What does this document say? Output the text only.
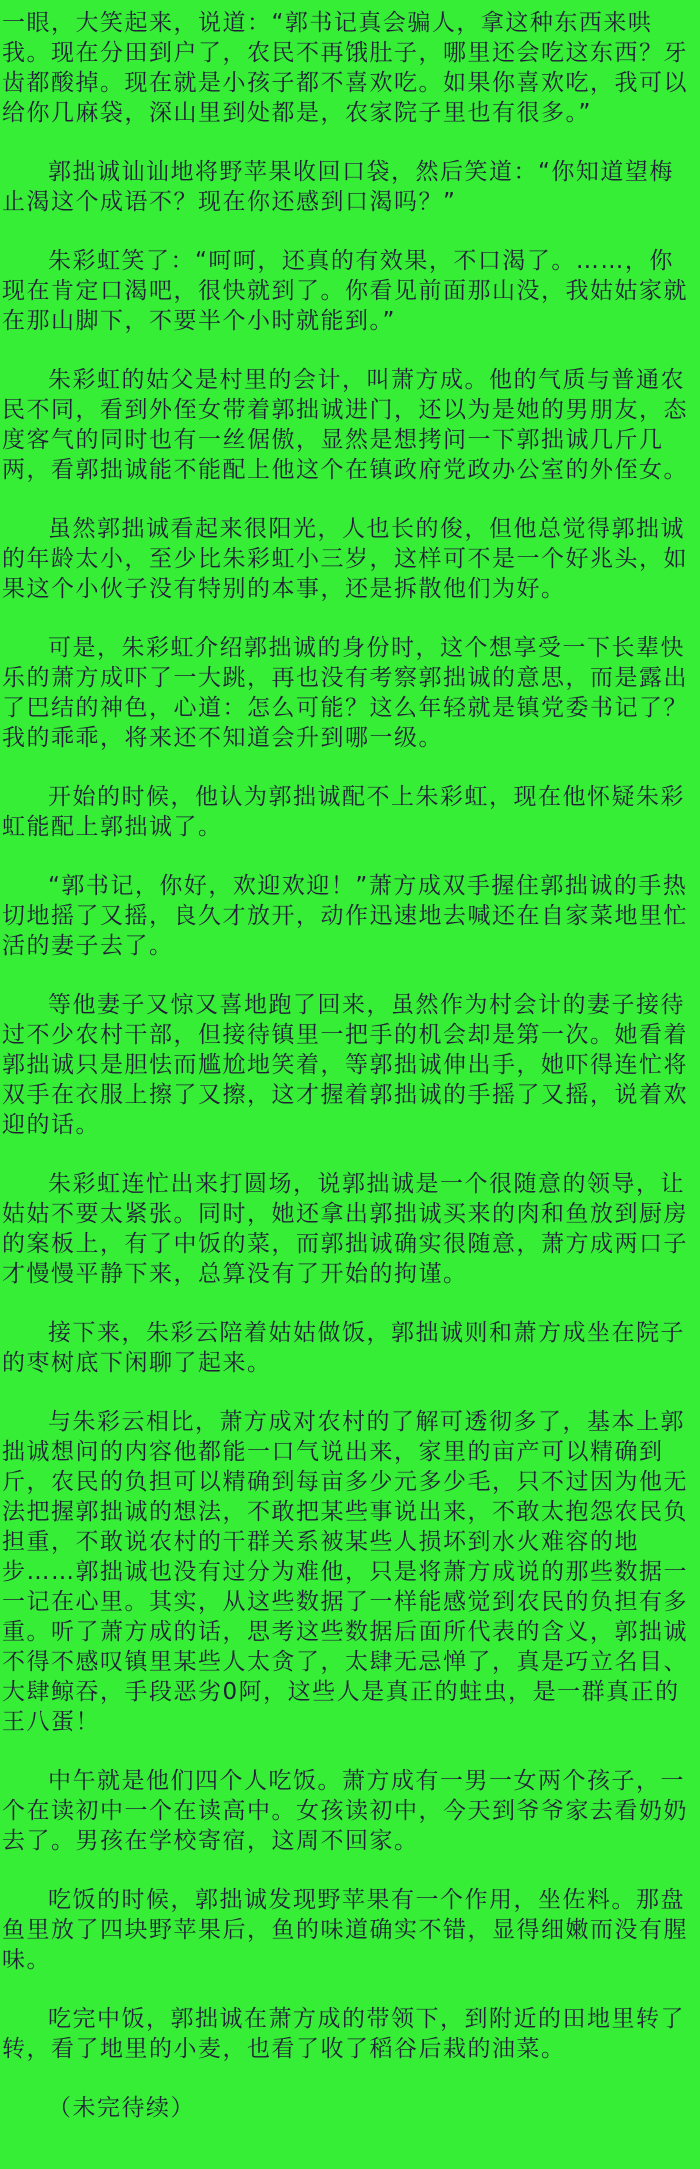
一眼，大笑起来，说道：“郭书记真会骗人，拿这种东西来哄我。现在分田到户了，农民不再饿肚子，哪里还会吃这东西？牙齿都酸掉。现在就是小孩子都不喜欢吃。如果你喜欢吃，我可以给你几麻袋，深山里到处都是，农家院子里也有很多。”

郭拙诚讪讪地将野苹果收回口袋，然后笑道：“你知道望梅止渴这个成语不？现在你还感到口渴吗？”

朱彩虹笑了：“呵呵，还真的有效果，不口渴了。……，你现在肯定口渴吧，很快就到了。你看见前面那山没，我姑姑家就在那山脚下，不要半个小时就能到。”

朱彩虹的姑父是村里的会计，叫萧方成。他的气质与普通农民不同，看到外侄女带着郭拙诚进门，还以为是她的男朋友，态度客气的同时也有一丝倨傲，显然是想拷问一下郭拙诚几斤几两，看郭拙诚能不能配上他这个在镇政府党政办公室的外侄女。

虽然郭拙诚看起来很阳光，人也长的俊，但他总觉得郭拙诚的年龄太小，至少比朱彩虹小三岁，这样可不是一个好兆头，如果这个小伙子没有特别的本事，还是拆散他们为好。

可是，朱彩虹介绍郭拙诚的身份时，这个想享受一下长辈快乐的萧方成吓了一大跳，再也没有考察郭拙诚的意思，而是露出了巴结的神色，心道：怎么可能？这么年轻就是镇党委书记了？我的乖乖，将来还不知道会升到哪一级。

开始的时候，他认为郭拙诚配不上朱彩虹，现在他怀疑朱彩虹能配上郭拙诚了。

“郭书记，你好，欢迎欢迎！”萧方成双手握住郭拙诚的手热切地摇了又摇，良久才放开，动作迅速地去喊还在自家菜地里忙活的妻子去了。

等他妻子又惊又喜地跑了回来，虽然作为村会计的妻子接待过不少农村干部，但接待镇里一把手的机会却是第一次。她看着郭拙诚只是胆怯而尴尬地笑着，等郭拙诚伸出手，她吓得连忙将双手在衣服上擦了又擦，这才握着郭拙诚的手摇了又摇，说着欢迎的话。

朱彩虹连忙出来打圆场，说郭拙诚是一个很随意的领导，让姑姑不要太紧张。同时，她还拿出郭拙诚买来的肉和鱼放到厨房的案板上，有了中饭的菜，而郭拙诚确实很随意，萧方成两口子才慢慢平静下来，总算没有了开始的拘谨。

接下来，朱彩云陪着姑姑做饭，郭拙诚则和萧方成坐在院子的枣树底下闲聊了起来。

与朱彩云相比，萧方成对农村的了解可透彻多了，基本上郭拙诚想问的内容他都能一口气说出来，家里的亩产可以精确到斤，农民的负担可以精确到每亩多少元多少毛，只不过因为他无法把握郭拙诚的想法，不敢把某些事说出来，不敢太抱怨农民负担重，不敢说农村的干群关系被某些人损坏到水火难容的地步……郭拙诚也没有过分为难他，只是将萧方成说的那些数据一一记在心里。其实，从这些数据了一样能感觉到农民的负担有多重。听了萧方成的话，思考这些数据后面所代表的含义，郭拙诚不得不感叹镇里某些人太贪了，太肆无忌惮了，真是巧立名目、大肆鲸吞，手段恶劣0阿，这些人是真正的蛀虫，是一群真正的王八蛋！

中午就是他们四个人吃饭。萧方成有一男一女两个孩子，一个在读初中一个在读高中。女孩读初中，今天到爷爷家去看奶奶去了。男孩在学校寄宿，这周不回家。

吃饭的时候，郭拙诚发现野苹果有一个作用，坐佐料。那盘鱼里放了四块野苹果后，鱼的味道确实不错，显得细嫩而没有腥味。

吃完中饭，郭拙诚在萧方成的带领下，到附近的田地里转了转，看了地里的小麦，也看了收了稻谷后栽的油菜。

（未完待续）
